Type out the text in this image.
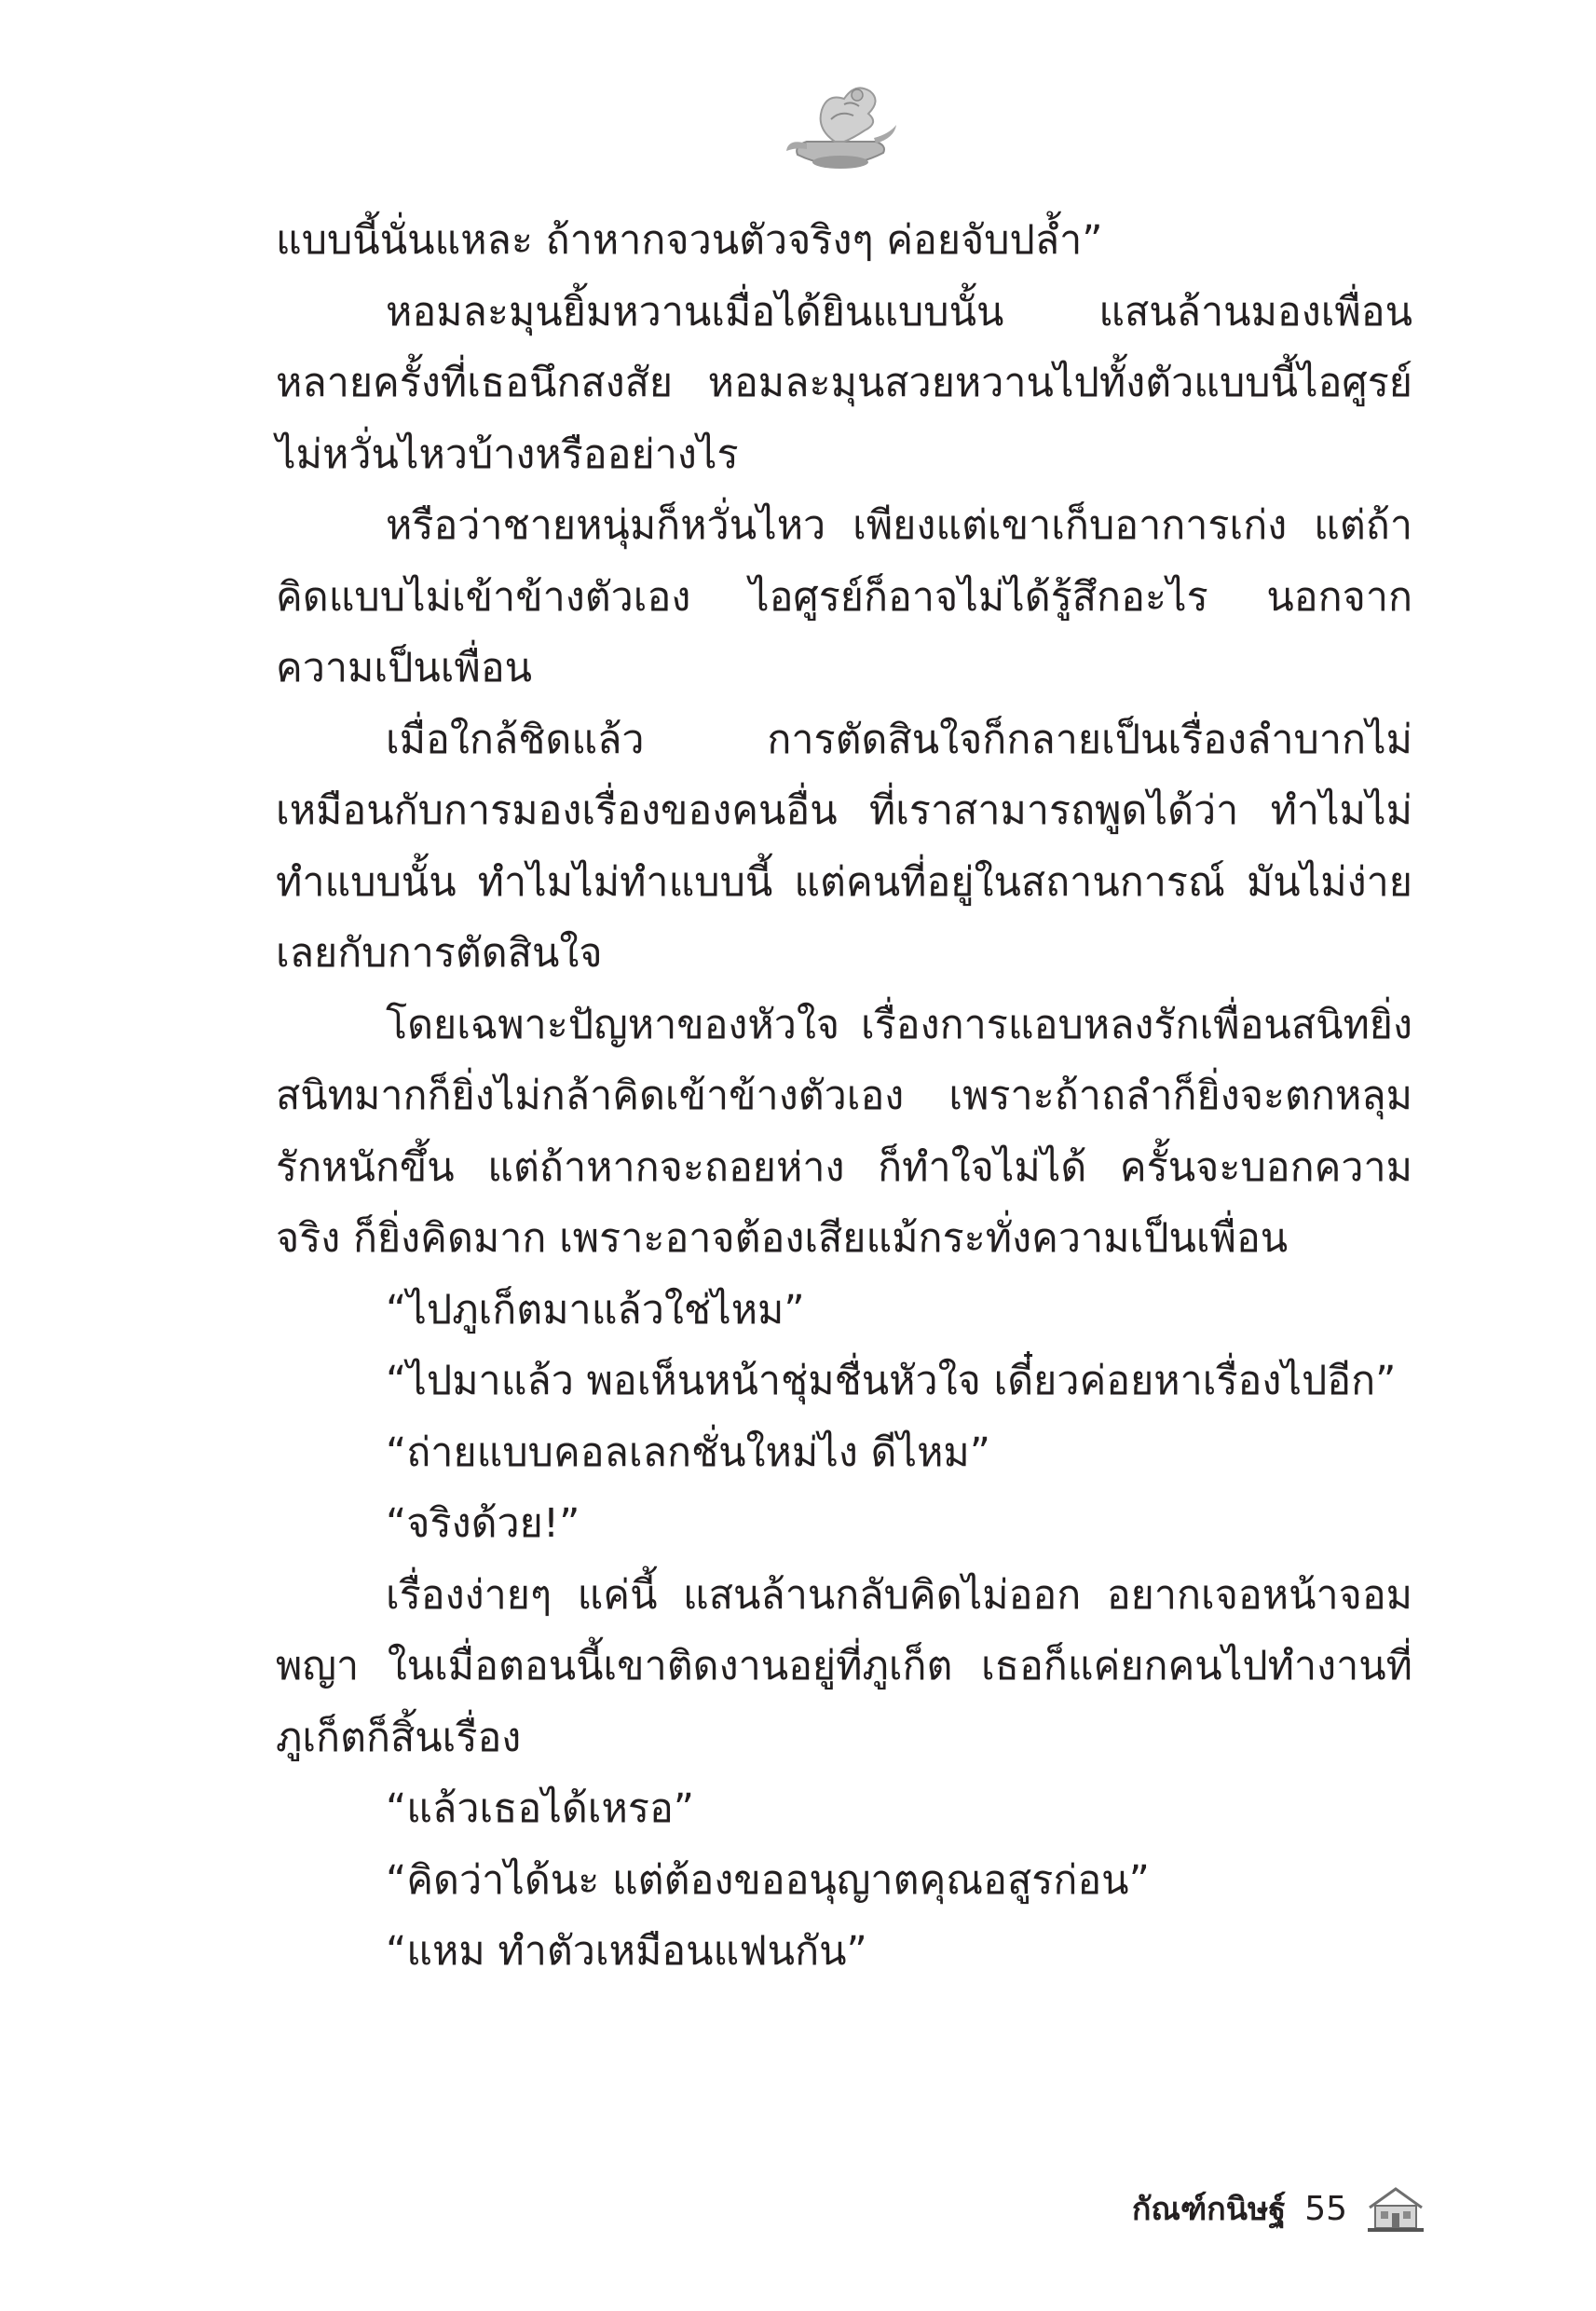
แบบนี้นั่นแหละ ถ้าหากจวนตัวจริงๆ ค่อยจับปล้ำ”

หอมละมุนยิ้มหวานเมื่อได้ยินแบบนั้น แสนล้านมองเพื่อนหลายครั้งที่เธอนึกสงสัย หอมละมุนสวยหวานไปทั้งตัวแบบนี้ไอศูรย์ไม่หวั่นไหวบ้างหรืออย่างไร

หรือว่าชายหนุ่มก็หวั่นไหว เพียงแต่เขาเก็บอาการเก่ง แต่ถ้าคิดแบบไม่เข้าข้างตัวเอง ไอศูรย์ก็อาจไม่ได้รู้สึกอะไร นอกจากความเป็นเพื่อน

เมื่อใกล้ชิดแล้ว การตัดสินใจก็กลายเป็นเรื่องลำบากไม่เหมือนกับการมองเรื่องของคนอื่น ที่เราสามารถพูดได้ว่า ทำไมไม่ทำแบบนั้น ทำไมไม่ทำแบบนี้ แต่คนที่อยู่ในสถานการณ์ มันไม่ง่ายเลยกับการตัดสินใจ

โดยเฉพาะปัญหาของหัวใจ เรื่องการแอบหลงรักเพื่อนสนิทยิ่งสนิทมากก็ยิ่งไม่กล้าคิดเข้าข้างตัวเอง เพราะถ้าถลำก็ยิ่งจะตกหลุมรักหนักขึ้น แต่ถ้าหากจะถอยห่าง ก็ทำใจไม่ได้ ครั้นจะบอกความจริง ก็ยิ่งคิดมาก เพราะอาจต้องเสียแม้กระทั่งความเป็นเพื่อน

“ไปภูเก็ตมาแล้วใช่ไหม”

“ไปมาแล้ว พอเห็นหน้าชุ่มชื่นหัวใจ เดี๋ยวค่อยหาเรื่องไปอีก”

“ถ่ายแบบคอลเลกชั่นใหม่ไง ดีไหม”

“จริงด้วย!”

เรื่องง่ายๆ แค่นี้ แสนล้านกลับคิดไม่ออก อยากเจอหน้าจอมพญา ในเมื่อตอนนี้เขาติดงานอยู่ที่ภูเก็ต เธอก็แค่ยกคนไปทำงานที่ภูเก็ตก็สิ้นเรื่อง

“แล้วเธอได้เหรอ”

“คิดว่าได้นะ แต่ต้องขออนุญาตคุณอสูรก่อน”

“แหม ทำตัวเหมือนแฟนกัน”

กัณฑ์กนิษฐ์ 55
